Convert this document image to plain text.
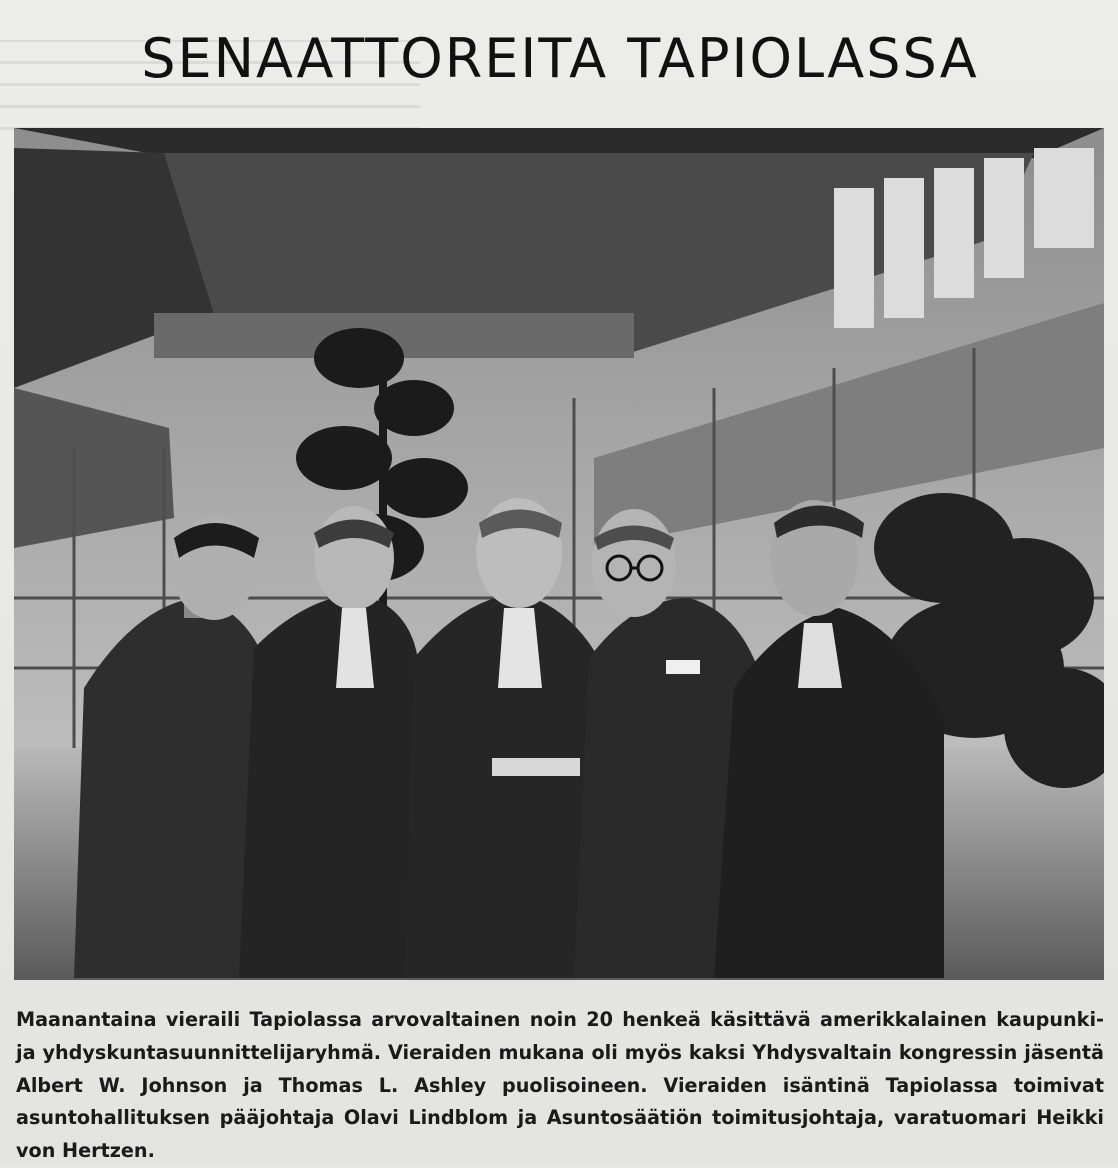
SENAATTOREITA TAPIOLASSA

Maanantaina vieraili Tapiolassa arvovaltainen noin 20 henkeä käsittävä amerikkalainen kaupunki- ja yhdyskuntasuunnittelijaryhmä. Vieraiden mukana oli myös kaksi Yhdysvaltain kongressin jäsentä Albert W. Johnson ja Thomas L. Ashley puolisoineen. Vieraiden isäntinä Tapiolassa toimivat asuntohallituksen pääjohtaja Olavi Lindblom ja Asuntosäätiön toimitusjohtaja, varatuomari Heikki von Hertzen.
